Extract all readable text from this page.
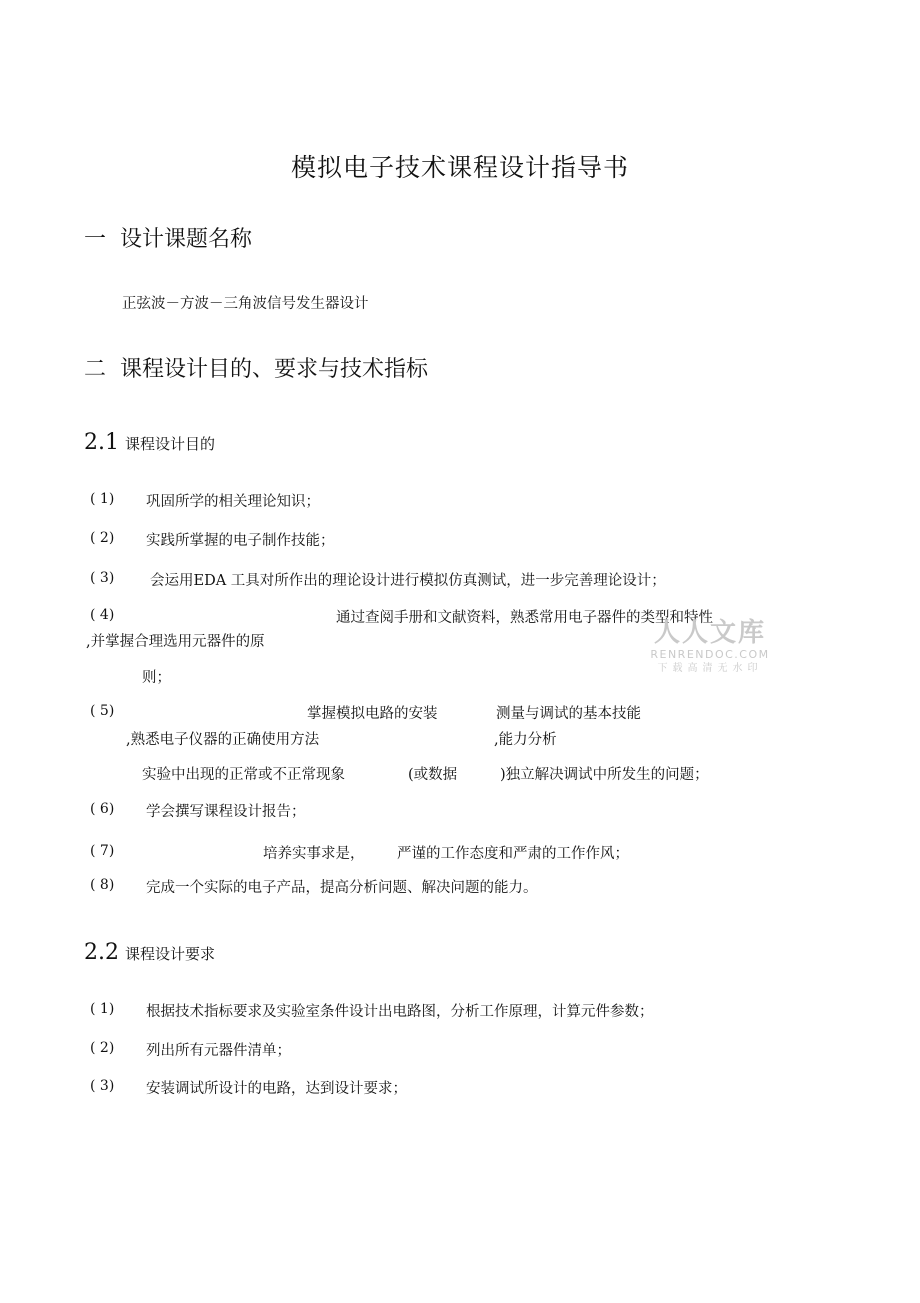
模拟电子技术课程设计指导书
一 设计课题名称
正弦波－方波－三角波信号发生器设计
二 课程设计目的、要求与技术指标
2.1 课程设计目的
( 1) 巩固所学的相关理论知识；
( 2) 实践所掌握的电子制作技能；
( 3) 会运用EDA 工具对所作出的理论设计进行模拟仿真测试，进一步完善理论设计；
( 4)	通过查阅手册和文献资料，熟悉常用电子器件的类型和特性
,并掌握合理选用元器件的原
则；
( 5)	掌握模拟电路的安装	测量与调试的基本技能
,熟悉电子仪器的正确使用方法	,能力分析
实验中出现的正常或不正常现象	(或数据	)独立解决调试中所发生的问题；
( 6) 学会撰写课程设计报告；
( 7)	培养实事求是， 严谨的工作态度和严肃的工作作风；
( 8) 完成一个实际的电子产品，提高分析问题、解决问题的能力。
2.2 课程设计要求
( 1) 根据技术指标要求及实验室条件设计出电路图，分析工作原理，计算元件参数；
( 2) 列出所有元器件清单；
( 3) 安装调试所设计的电路，达到设计要求；
人人文库
RENRENDOC.COM
下载高清无水印
